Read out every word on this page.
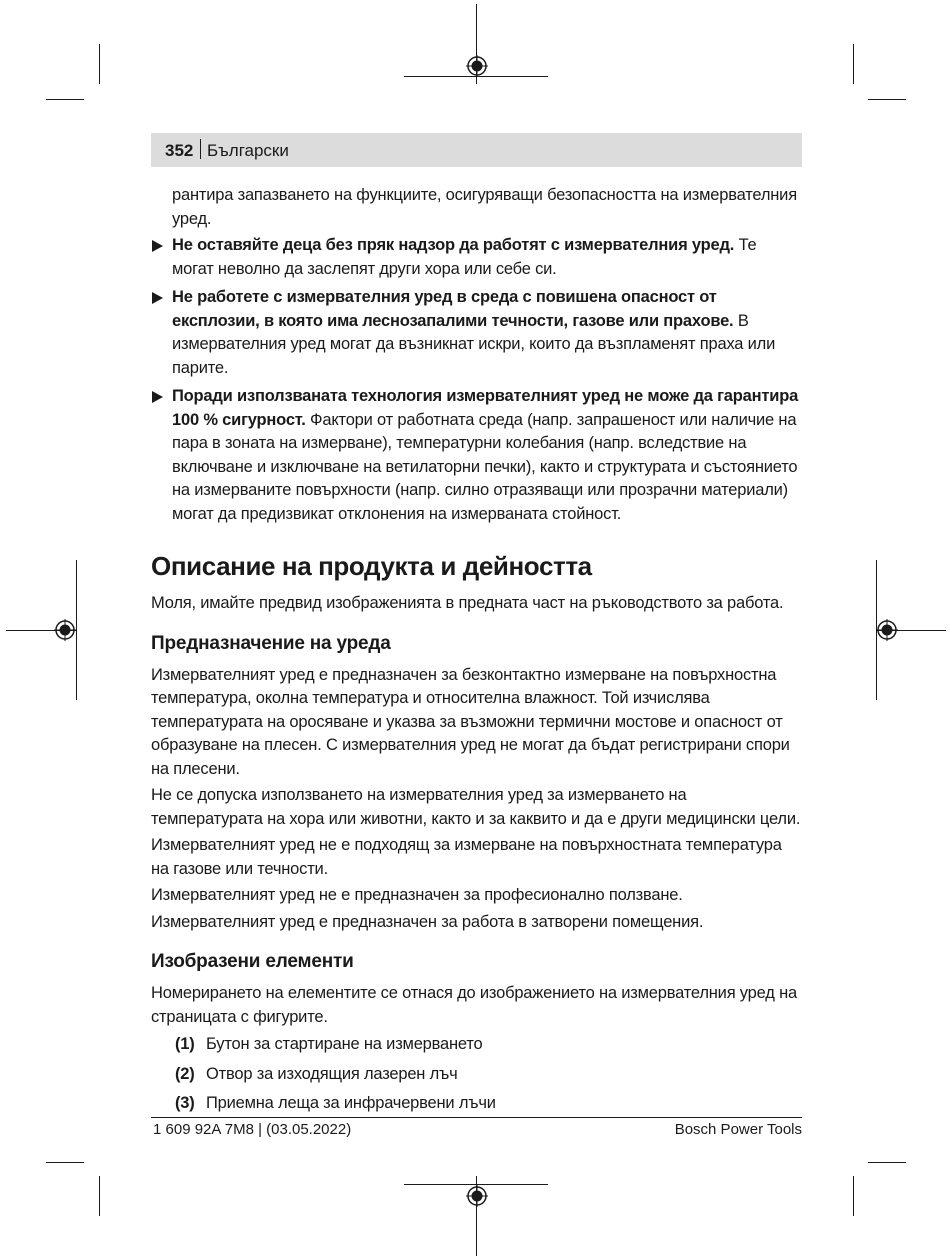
352 Български

рантира запазването на функциите, осигуряващи безопасността на измервателния уред.

Не оставяйте деца без пряк надзор да работят с измервателния уред. Те могат неволно да заслепят други хора или себе си.
Не работете с измервателния уред в среда с повишена опасност от експлозии, в която има леснозапалими течности, газове или прахове. В измервателния уред могат да възникнат искри, които да възпламенят праха или парите.
Поради използваната технология измервателният уред не може да гарантира 100 % сигурност. Фактори от работната среда (напр. запрашеност или наличие на пара в зоната на измерване), температурни колебания (напр. вследствие на включване и изключване на ветилаторни печки), както и структурата и състоянието на измерваните повърхности (напр. силно отразяващи или прозрачни материали) могат да предизвикат отклонения на измерваната стойност.
Описание на продукта и дейността

Моля, имайте предвид изображенията в предната част на ръководството за работа.

Предназначение на уреда

Измервателният уред е предназначен за безконтактно измерване на повърхностна температура, околна температура и относителна влажност. Той изчислява температурата на оросяване и указва за възможни термични мостове и опасност от образуване на плесен. С измервателния уред не могат да бъдат регистрирани спори на плесени.

Не се допуска използването на измервателния уред за измерването на температурата на хора или животни, както и за каквито и да е други медицински цели.

Измервателният уред не е подходящ за измерване на повърхностната температура на газове или течности.

Измервателният уред не е предназначен за професионално ползване.

Измервателният уред е предназначен за работа в затворени помещения.

Изобразени елементи

Номерирането на елементите се отнася до изображението на измервателния уред на страницата с фигурите.

(1) Бутон за стартиране на измерването
(2) Отвор за изходящия лазерен лъч
(3) Приемна леща за инфрачервени лъчи
1 609 92A 7M8 | (03.05.2022)	Bosch Power Tools
